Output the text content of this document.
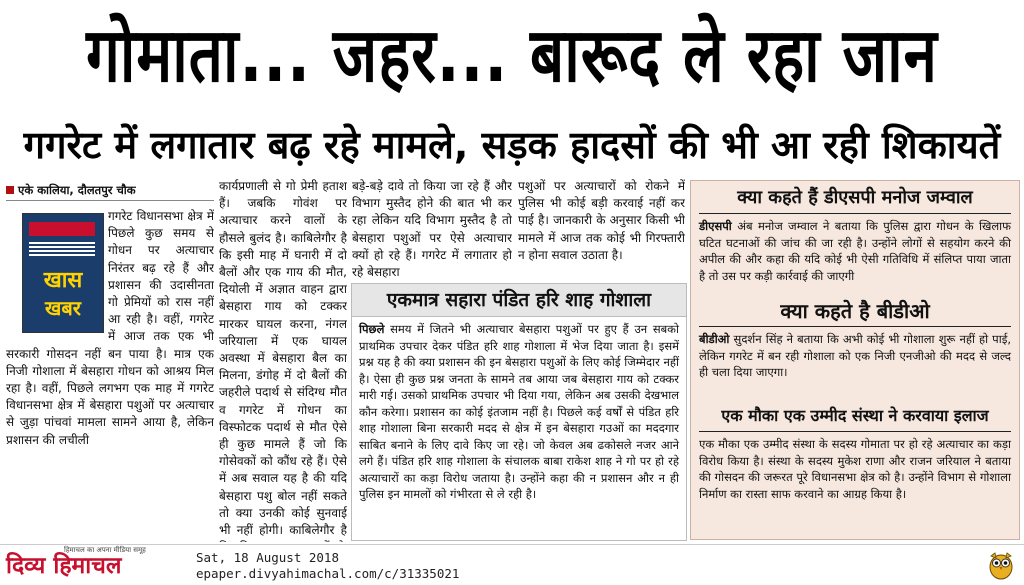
गोमाता... जहर... बारूद ले रहा जान
गगरेट में लगातार बढ़ रहे मामले, सड़क हादसों की भी आ रही शिकायतें
एके कालिया, दौलतपुर चौक
खास
खबर

गगरेट विधानसभा क्षेत्र में पिछले कुछ समय से गोधन पर अत्याचार निरंतर बढ़ रहे हैं और प्रशासन की उदासीनता गो प्रेमियों को रास नहीं आ रही है। वहीं, गगरेट में आज तक एक भी सरकारी गोसदन नहीं बन पाया है। मात्र एक निजी गोशाला में बेसहारा गोधन को आश्रय मिल रहा है। वहीं, पिछले लगभग एक माह में गगरेट विधानसभा क्षेत्र में बेसहारा पशुओं पर अत्याचार से जुड़ा पांचवां मामला सामने आया है, लेकिन प्रशासन की लचीली

कार्यप्रणाली से गो प्रेमी हताश हैं। जबकि गोवंश पर अत्याचार करने वालों के हौसले बुलंद है। काबिलेगौर है कि इसी माह में घनारी में दो बैलों और एक गाय की मौत, दियोली में अज्ञात वाहन द्वारा बेसहारा गाय को टक्कर मारकर घायल करना, नंगल जरियाला में एक घायल अवस्था में बेसहारा बैल का मिलना, डंगोह में दो बैलों की जहरीले पदार्थ से संदिग्ध मौत व गगरेट में गोधन का विस्फोटक पदार्थ से मौत ऐसे ही कुछ मामले हैं जो कि गोसेवकों को कौंध रहे हैं। ऐसे में अब सवाल यह है की यदि बेसहारा पशु बोल नहीं सकते तो क्या उनकी कोई सुनवाई भी नहीं होगी। काबिलेगौर है

बड़े-बड़े दावे तो किया जा रहे हैं और विभाग मुस्तैद होने की बात भी कर रहा लेकिन यदि विभाग मुस्तैद है तो बेसहारा पशुओं पर ऐसे अत्याचार क्यों हो रहे हैं। गगरेट में लगातार हो रहे बेसहारा

पशुओं पर अत्याचारों को रोकने में पुलिस भी कोई बड़ी करवाई नहीं कर पाई है। जानकारी के अनुसार किसी भी मामले में आज तक कोई भी गिरफ्तारी न होना सवाल उठाता है।

एकमात्र सहारा पंडित हरि शाह गोशाला
पिछले समय में जितने भी अत्याचार बेसहारा पशुओं पर हुए हैं उन सबको प्राथमिक उपचार देकर पंडित हरि शाह गोशाला में भेज दिया जाता है। इसमें प्रश्न यह है की क्या प्रशासन की इन बेसहारा पशुओं के लिए कोई जिम्मेदार नहीं है। ऐसा ही कुछ प्रश्न जनता के सामने तब आया जब बेसहारा गाय को टक्कर मारी गई। उसको प्राथमिक उपचार भी दिया गया, लेकिन अब उसकी देखभाल कौन करेगा। प्रशासन का कोई इंतजाम नहीं है। पिछले कई वर्षों से पंडित हरि शाह गोशाला बिना सरकारी मदद से क्षेत्र में इन बेसहारा गउओं का मददगार साबित बनाने के लिए दावे किए जा रहे। जो केवल अब ढकोसले नजर आने लगे हैं। पंडित हरि शाह गोशाला के संचालक बाबा राकेश शाह ने गो पर हो रहे अत्याचारों का कड़ा विरोध जताया है। उन्होंने कहा की न प्रशासन और न ही पुलिस इन मामलों को गंभीरता से ले रही है।
क्या कहते हैं डीएसपी मनोज जम्वाल
डीएसपी अंब मनोज जम्वाल ने बताया कि पुलिस द्वारा गोधन के खिलाफ घटित घटनाओं की जांच की जा रही है। उन्होंने लोगों से सहयोग करने की अपील की और कहा की यदि कोई भी ऐसी गतिविधि में संलिप्त पाया जाता है तो उस पर कड़ी कार्रवाई की जाएगी
क्या कहते है बीडीओ
बीडीओ सुदर्शन सिंह ने बताया कि अभी कोई भी गोशाला शुरू नहीं हो पाई, लेकिन गगरेट में बन रही गोशाला को एक निजी एनजीओ की मदद से जल्द ही चला दिया जाएगा।
एक मौका एक उम्मीद संस्था ने करवाया इलाज
एक मौका एक उम्मीद संस्था के सदस्य गोमाता पर हो रहे अत्याचार का कड़ा विरोध किया है। संस्था के सदस्य मुकेश राणा और राजन जरियाल ने बताया की गोसदन की जरूरत पूरे विधानसभा क्षेत्र को है। उन्होंने विभाग से गोशाला निर्माण का रास्ता साफ करवाने का आग्रह किया है।
दिव्य हिमाचल
हिमाचल का अपना मीडिया समूह	Sat, 18 August 2018
epaper.divyahimachal.com/c/31335021
